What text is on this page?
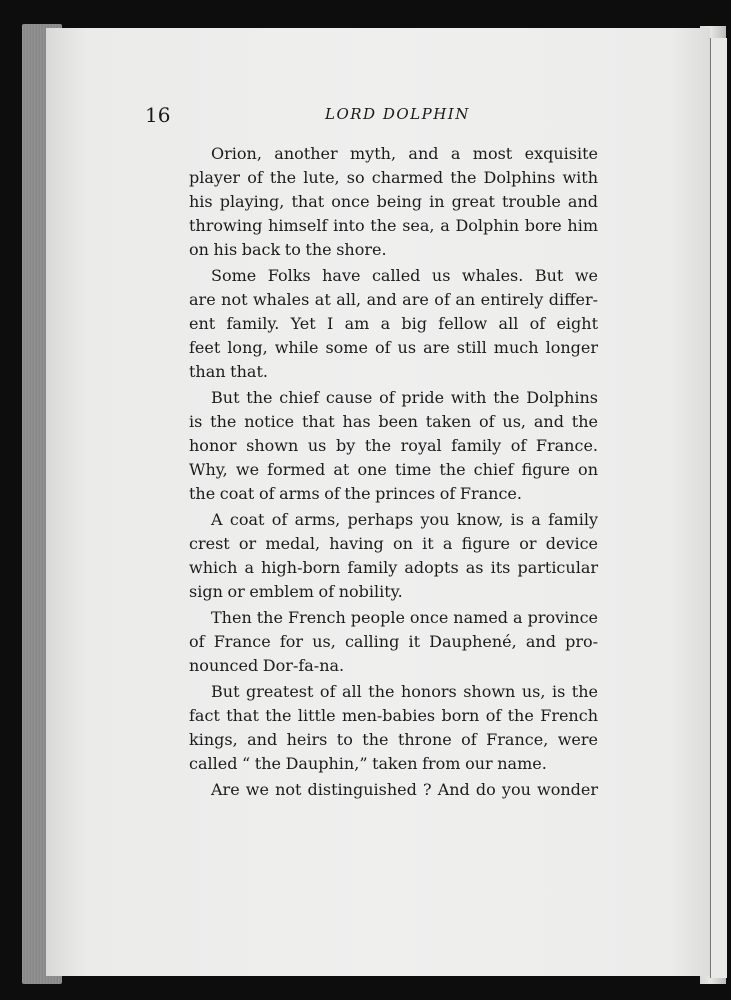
16	LORD DOLPHIN
Orion, another myth, and a most exquisite
player of the lute, so charmed the Dolphins with
his playing, that once being in great trouble and
throwing himself into the sea, a Dolphin bore him
on his back to the shore.
Some Folks have called us whales. But we
are not whales at all, and are of an entirely differ-
ent family. Yet I am a big fellow all of eight
feet long, while some of us are still much longer
than that.
But the chief cause of pride with the Dolphins
is the notice that has been taken of us, and the
honor shown us by the royal family of France.
Why, we formed at one time the chief figure on
the coat of arms of the princes of France.
A coat of arms, perhaps you know, is a family
crest or medal, having on it a figure or device
which a high-born family adopts as its particular
sign or emblem of nobility.
Then the French people once named a province
of France for us, calling it Dauphené, and pro-
nounced Dor-fa-na.
But greatest of all the honors shown us, is the
fact that the little men-babies born of the French
kings, and heirs to the throne of France, were
called “ the Dauphin,” taken from our name.
Are we not distinguished ? And do you wonder
